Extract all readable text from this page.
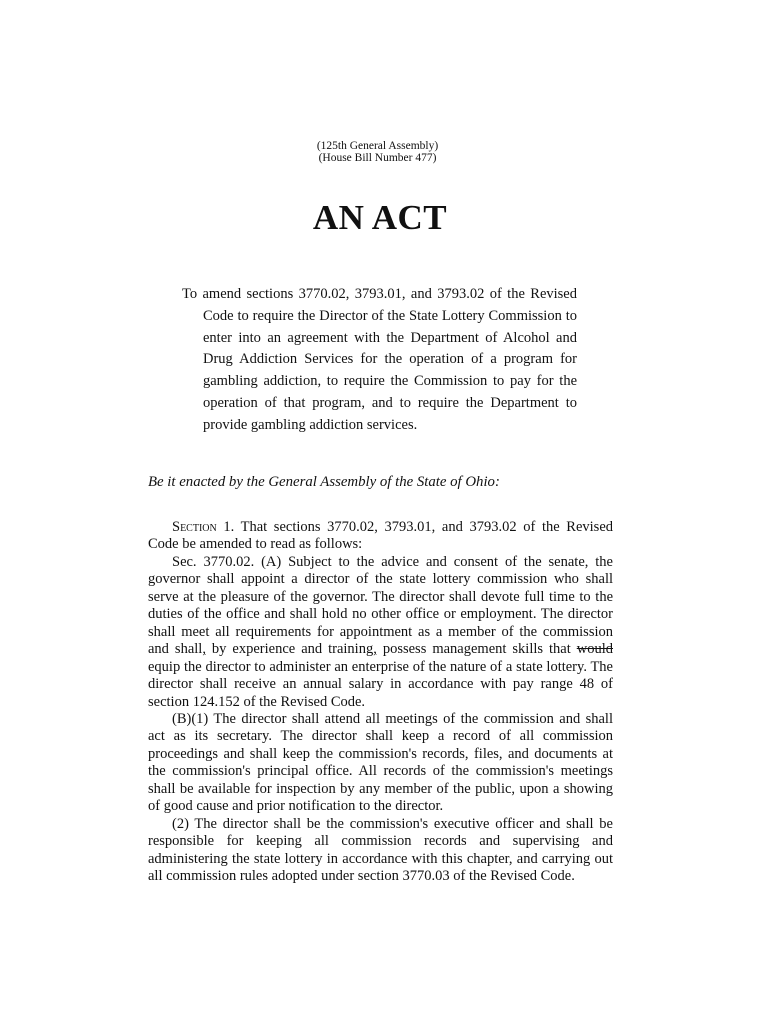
(125th General Assembly)
(House Bill Number 477)
AN ACT
To amend sections 3770.02, 3793.01, and 3793.02 of the Revised Code to require the Director of the State Lottery Commission to enter into an agreement with the Department of Alcohol and Drug Addiction Services for the operation of a program for gambling addiction, to require the Commission to pay for the operation of that program, and to require the Department to provide gambling addiction services.
Be it enacted by the General Assembly of the State of Ohio:

Section 1. That sections 3770.02, 3793.01, and 3793.02 of the Revised Code be amended to read as follows:

Sec. 3770.02. (A) Subject to the advice and consent of the senate, the governor shall appoint a director of the state lottery commission who shall serve at the pleasure of the governor. The director shall devote full time to the duties of the office and shall hold no other office or employment. The director shall meet all requirements for appointment as a member of the commission and shall, by experience and training, possess management skills that would equip the director to administer an enterprise of the nature of a state lottery. The director shall receive an annual salary in accordance with pay range 48 of section 124.152 of the Revised Code.

(B)(1) The director shall attend all meetings of the commission and shall act as its secretary. The director shall keep a record of all commission proceedings and shall keep the commission's records, files, and documents at the commission's principal office. All records of the commission's meetings shall be available for inspection by any member of the public, upon a showing of good cause and prior notification to the director.

(2) The director shall be the commission's executive officer and shall be responsible for keeping all commission records and supervising and administering the state lottery in accordance with this chapter, and carrying out all commission rules adopted under section 3770.03 of the Revised Code.
